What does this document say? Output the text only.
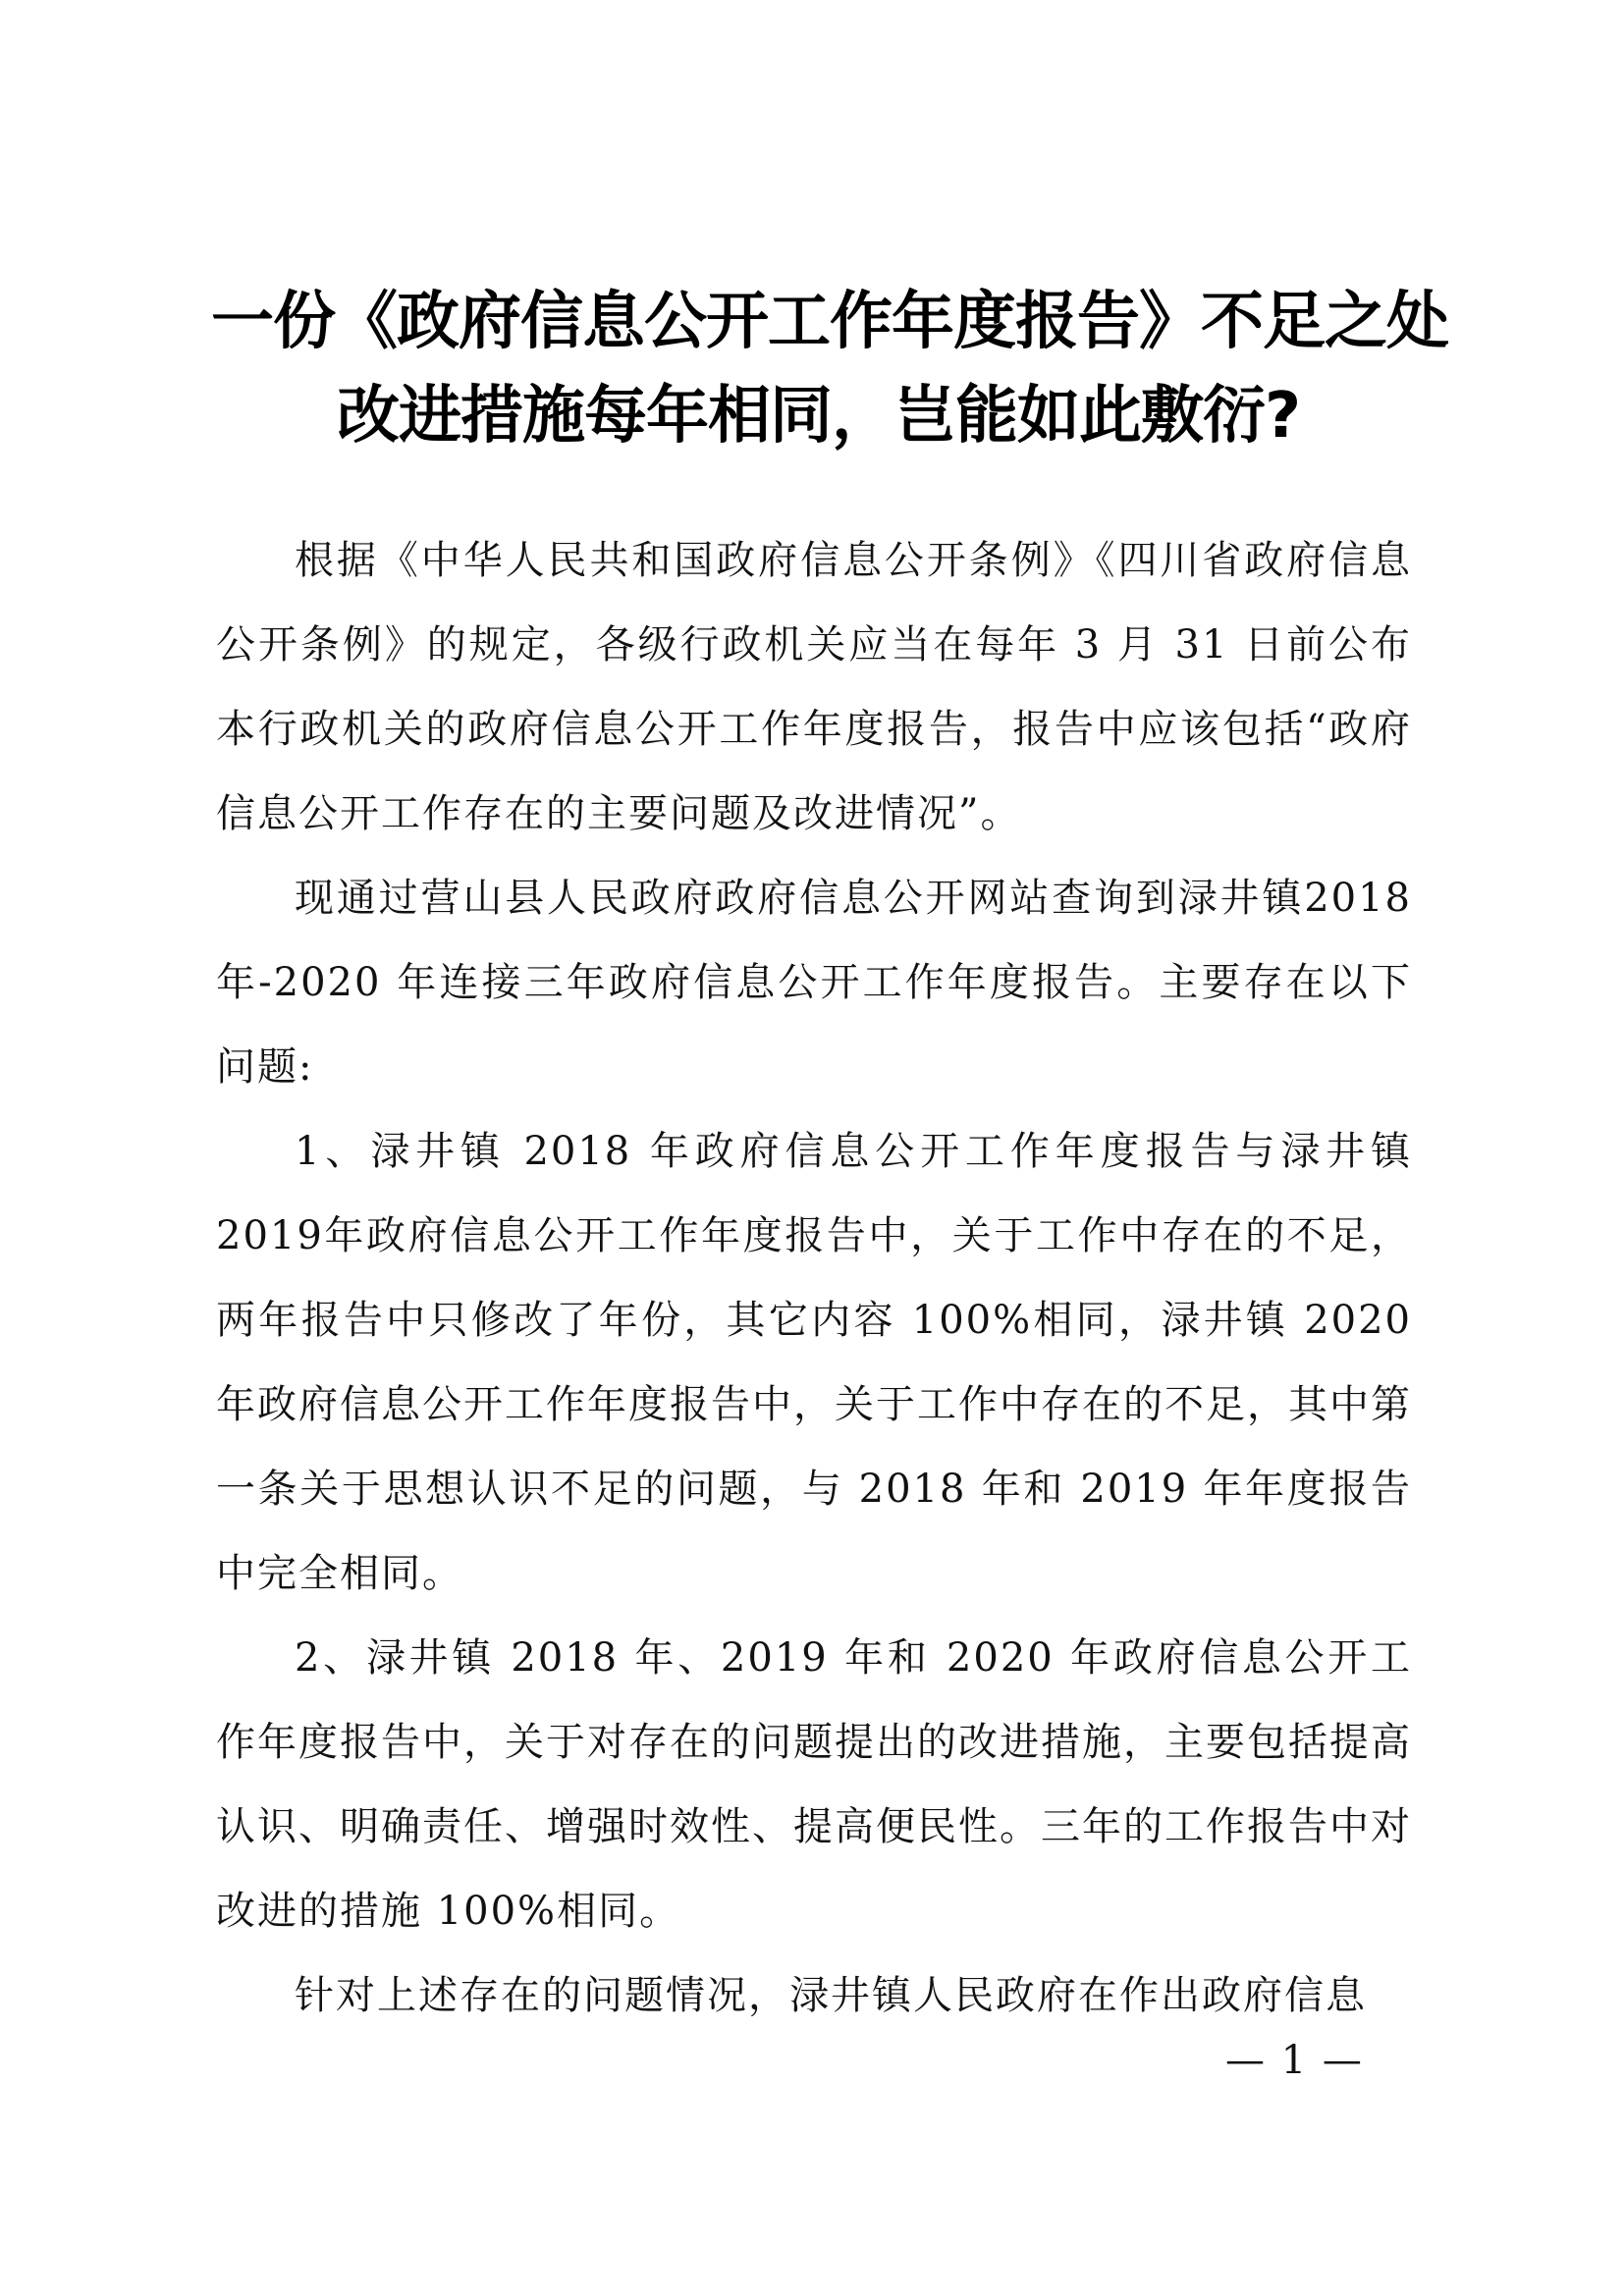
一份《政府信息公开工作年度报告》不足之处
改进措施每年相同，岂能如此敷衍?

根据《中华人民共和国政府信息公开条例》《四川省政府信息公开条例》的规定，各级行政机关应当在每年 3 月 31 日前公布本行政机关的政府信息公开工作年度报告，报告中应该包括“政府信息公开工作存在的主要问题及改进情况”。

现通过营山县人民政府政府信息公开网站查询到渌井镇2018 年-2020 年连接三年政府信息公开工作年度报告。主要存在以下问题:

1、渌井镇 2018 年政府信息公开工作年度报告与渌井镇 2019年政府信息公开工作年度报告中，关于工作中存在的不足，两年报告中只修改了年份，其它内容 100%相同，渌井镇 2020 年政府信息公开工作年度报告中，关于工作中存在的不足，其中第一条关于思想认识不足的问题，与 2018 年和 2019 年年度报告中完全相同。

2、渌井镇 2018 年、2019 年和 2020 年政府信息公开工作年度报告中，关于对存在的问题提出的改进措施，主要包括提高认识、明确责任、增强时效性、提高便民性。三年的工作报告中对改进的措施 100%相同。

针对上述存在的问题情况，渌井镇人民政府在作出政府信息

— 1 —
